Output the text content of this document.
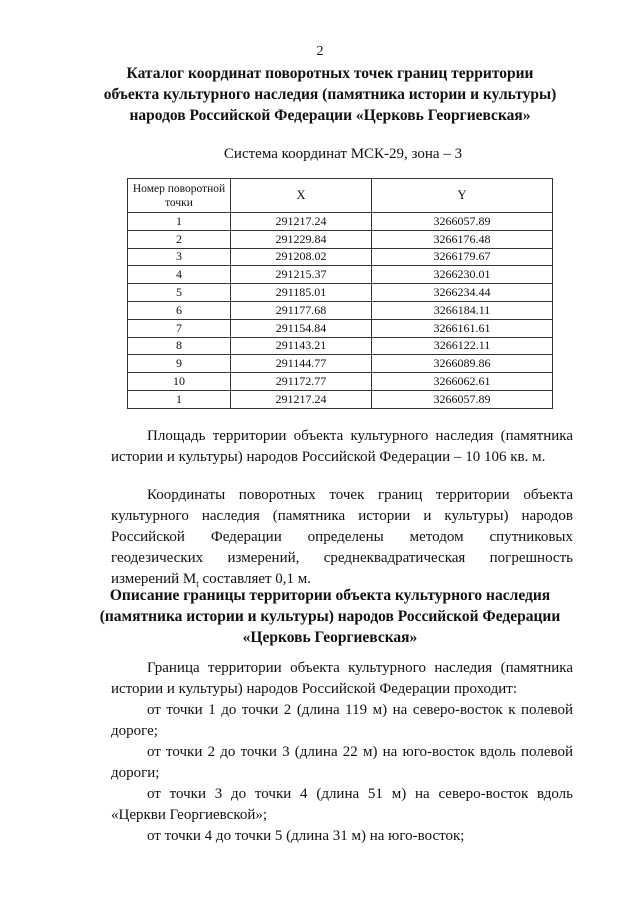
2
Каталог координат поворотных точек границ территории
объекта культурного наследия (памятника истории и культуры)
народов Российской Федерации «Церковь Георгиевская»
Система координат МСК-29, зона – 3
Номер поворотной
точки	X	Y
1	291217.24	3266057.89
2	291229.84	3266176.48
3	291208.02	3266179.67
4	291215.37	3266230.01
5	291185.01	3266234.44
6	291177.68	3266184.11
7	291154.84	3266161.61
8	291143.21	3266122.11
9	291144.77	3266089.86
10	291172.77	3266062.61
1	291217.24	3266057.89

Площадь территории объекта культурного наследия (памятника истории и культуры) народов Российской Федерации – 10 106 кв. м.

Координаты поворотных точек границ территории объекта культурного наследия (памятника истории и культуры) народов Российской Федерации определены методом спутниковых геодезических измерений, среднеквадратическая погрешность измерений $M_t$ составляет 0,1 м.

Описание границы территории объекта культурного наследия
(памятника истории и культуры) народов Российской Федерации
«Церковь Георгиевская»

Граница территории объекта культурного наследия (памятника истории и культуры) народов Российской Федерации проходит:

от точки 1 до точки 2 (длина 119 м) на северо-восток к полевой дороге;

от точки 2 до точки 3 (длина 22 м) на юго-восток вдоль полевой дороги;

от точки 3 до точки 4 (длина 51 м) на северо-восток вдоль «Церкви Георгиевской»;

от точки 4 до точки 5 (длина 31 м) на юго-восток;
